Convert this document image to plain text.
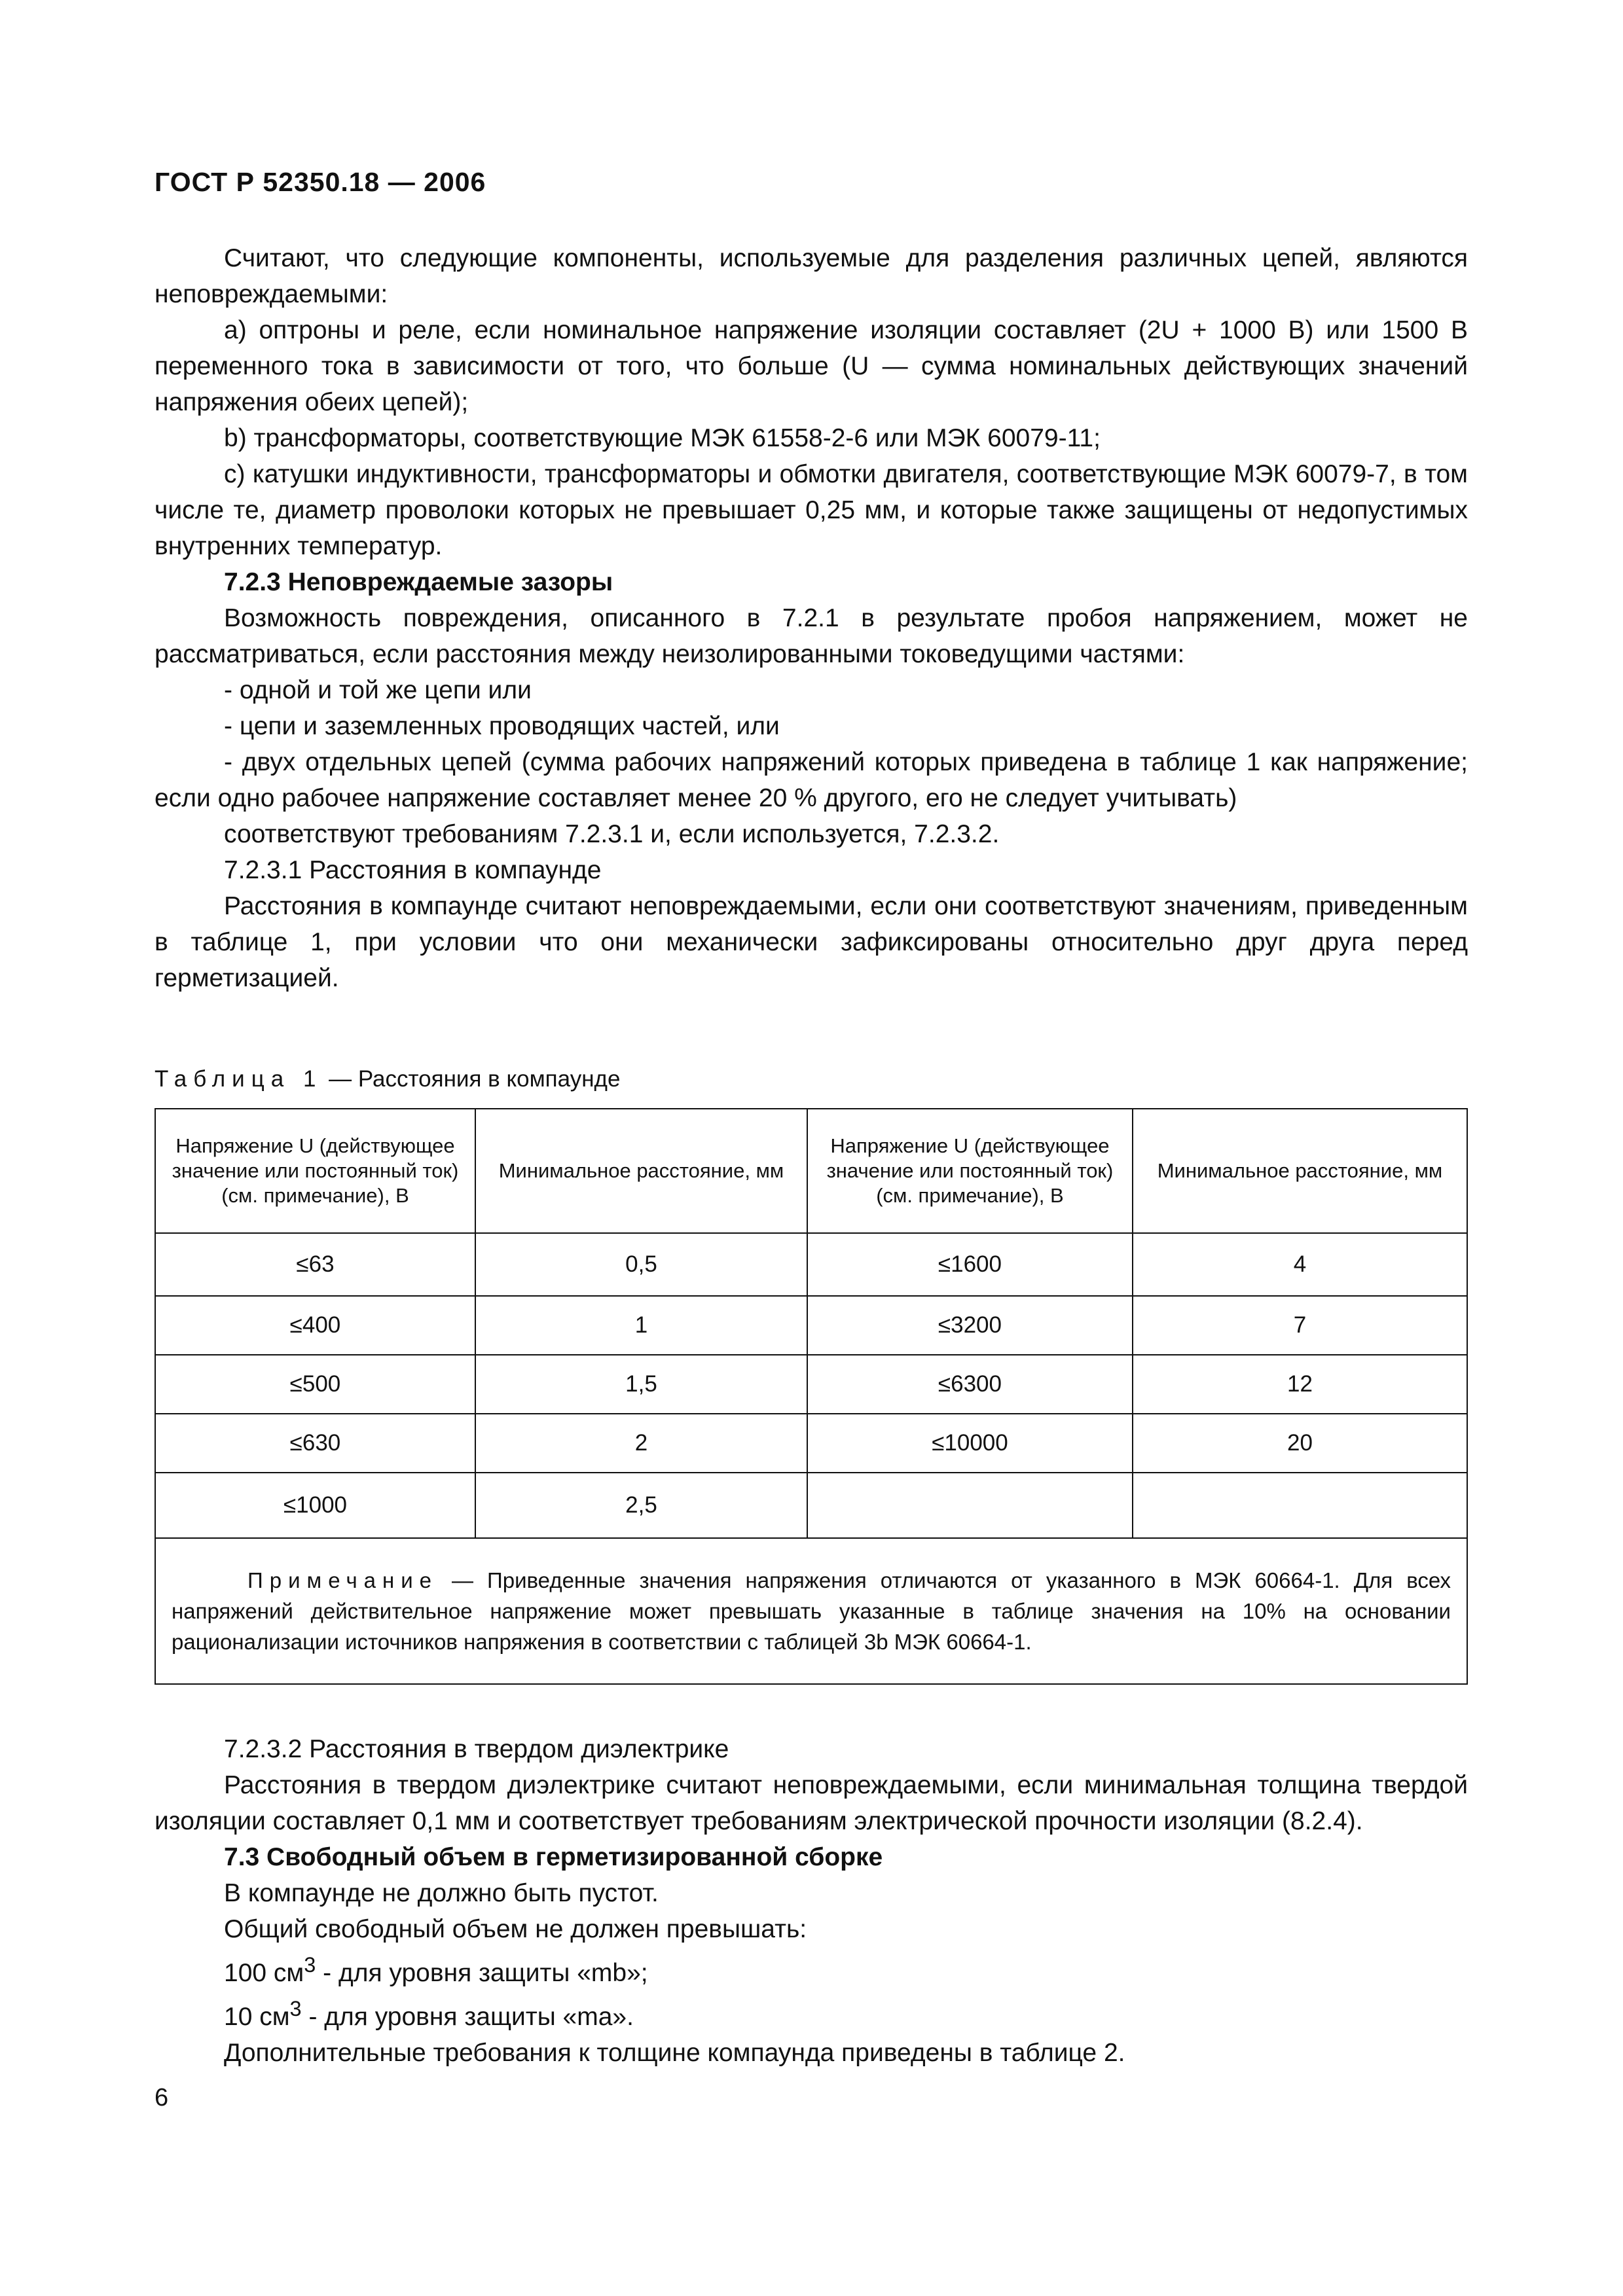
ГОСТ Р 52350.18 — 2006

Считают, что следующие компоненты, используемые для разделения различных цепей, являются неповреждаемыми:

a) оптроны и реле, если номинальное напряжение изоляции составляет (2U + 1000 В) или 1500 В переменного тока в зависимости от того, что больше (U — сумма номинальных действующих значений напряжения обеих цепей);

b) трансформаторы, соответствующие МЭК 61558-2-6 или МЭК 60079-11;

c) катушки индуктивности, трансформаторы и обмотки двигателя, соответствующие МЭК 60079-7, в том числе те, диаметр проволоки которых не превышает 0,25 мм, и которые также защищены от недопустимых внутренних температур.

7.2.3 Неповреждаемые зазоры

Возможность повреждения, описанного в 7.2.1 в результате пробоя напряжением, может не рассматриваться, если расстояния между неизолированными токоведущими частями:

- одной и той же цепи или

- цепи и заземленных проводящих частей, или

- двух отдельных цепей (сумма рабочих напряжений которых приведена в таблице 1 как напряжение; если одно рабочее напряжение составляет менее 20 % другого, его не следует учитывать)

соответствуют требованиям 7.2.3.1 и, если используется, 7.2.3.2.

7.2.3.1 Расстояния в компаунде

Расстояния в компаунде считают неповреждаемыми, если они соответствуют значениям, приведенным в таблице 1, при условии что они механически зафиксированы относительно друг друга перед герметизацией.

Таблица 1 — Расстояния в компаунде
Напряжение U (действующее значение или постоянный ток) (см. примечание), В	Минимальное расстояние, мм	Напряжение U (действующее значение или постоянный ток) (см. примечание), В	Минимальное расстояние, мм
≤63	0,5	≤1600	4
≤400	1	≤3200	7
≤500	1,5	≤6300	12
≤630	2	≤10000	20
≤1000	2,5		
Примечание — Приведенные значения напряжения отличаются от указанного в МЭК 60664-1. Для всех напряжений действительное напряжение может превышать указанные в таблице значения на 10% на основании рационализации источников напряжения в соответствии с таблицей 3b МЭК 60664-1.			

7.2.3.2 Расстояния в твердом диэлектрике

Расстояния в твердом диэлектрике считают неповреждаемыми, если минимальная толщина твердой изоляции составляет 0,1 мм и соответствует требованиям электрической прочности изоляции (8.2.4).

7.3 Свободный объем в герметизированной сборке

В компаунде не должно быть пустот.

Общий свободный объем не должен превышать:

100 $см^3$ - для уровня защиты «mb»;

10 $см^3$ - для уровня защиты «ma».

Дополнительные требования к толщине компаунда приведены в таблице 2.

6
